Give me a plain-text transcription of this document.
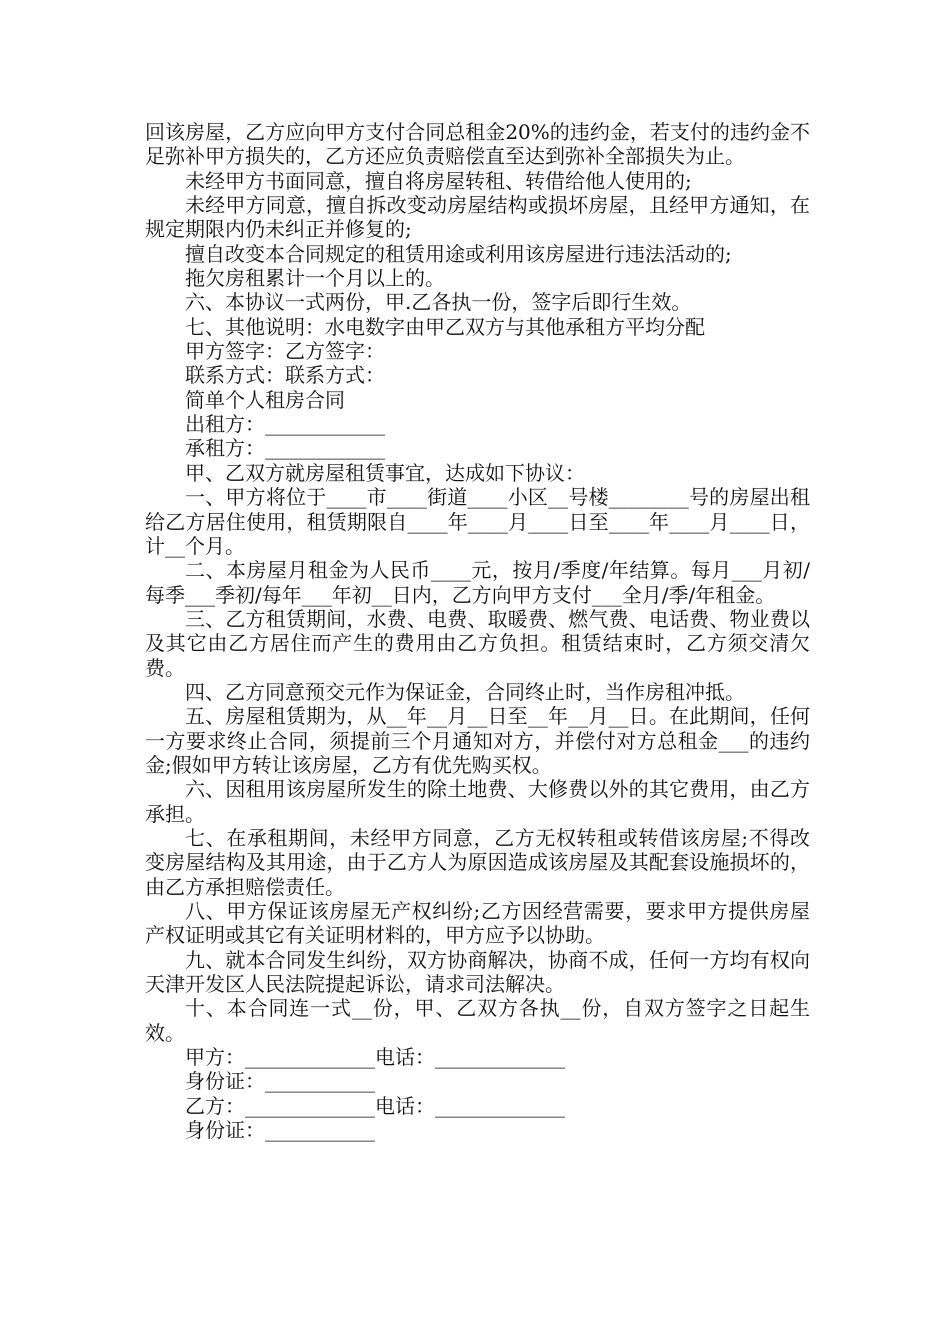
回该房屋，乙方应向甲方支付合同总租金20%的违约金，若支付的违约金不足弥补甲方损失的，乙方还应负责赔偿直至达到弥补全部损失为止。

未经甲方书面同意，擅自将房屋转租、转借给他人使用的;

未经甲方同意，擅自拆改变动房屋结构或损坏房屋，且经甲方通知，在规定期限内仍未纠正并修复的;

擅自改变本合同规定的租赁用途或利用该房屋进行违法活动的;

拖欠房租累计一个月以上的。

六、本协议一式两份，甲.乙各执一份，签字后即行生效。

七、其他说明：水电数字由甲乙双方与其他承租方平均分配

甲方签字：乙方签字：

联系方式：联系方式：

简单个人租房合同

出租方：____________

承租方：____________

甲、乙双方就房屋租赁事宜，达成如下协议：

一、甲方将位于____市____街道____小区__号楼________号的房屋出租给乙方居住使用，租赁期限自____年____月____日至____年____月____日，计__个月。

二、本房屋月租金为人民币____元，按月/季度/年结算。每月___月初/每季___季初/每年___年初__日内，乙方向甲方支付___全月/季/年租金。

三、乙方租赁期间，水费、电费、取暖费、燃气费、电话费、物业费以及其它由乙方居住而产生的费用由乙方负担。租赁结束时，乙方须交清欠费。

四、乙方同意预交元作为保证金，合同终止时，当作房租冲抵。

五、房屋租赁期为，从__年__月__日至__年__月__日。在此期间，任何一方要求终止合同，须提前三个月通知对方，并偿付对方总租金___的违约金;假如甲方转让该房屋，乙方有优先购买权。

六、因租用该房屋所发生的除土地费、大修费以外的其它费用，由乙方承担。

七、在承租期间，未经甲方同意，乙方无权转租或转借该房屋;不得改变房屋结构及其用途，由于乙方人为原因造成该房屋及其配套设施损坏的，由乙方承担赔偿责任。

八、甲方保证该房屋无产权纠纷;乙方因经营需要，要求甲方提供房屋产权证明或其它有关证明材料的，甲方应予以协助。

九、就本合同发生纠纷，双方协商解决，协商不成，任何一方均有权向天津开发区人民法院提起诉讼，请求司法解决。

十、本合同连一式__份，甲、乙双方各执__份，自双方签字之日起生效。

甲方：_____________电话：_____________

身份证：___________

乙方：_____________电话：_____________

身份证：___________
